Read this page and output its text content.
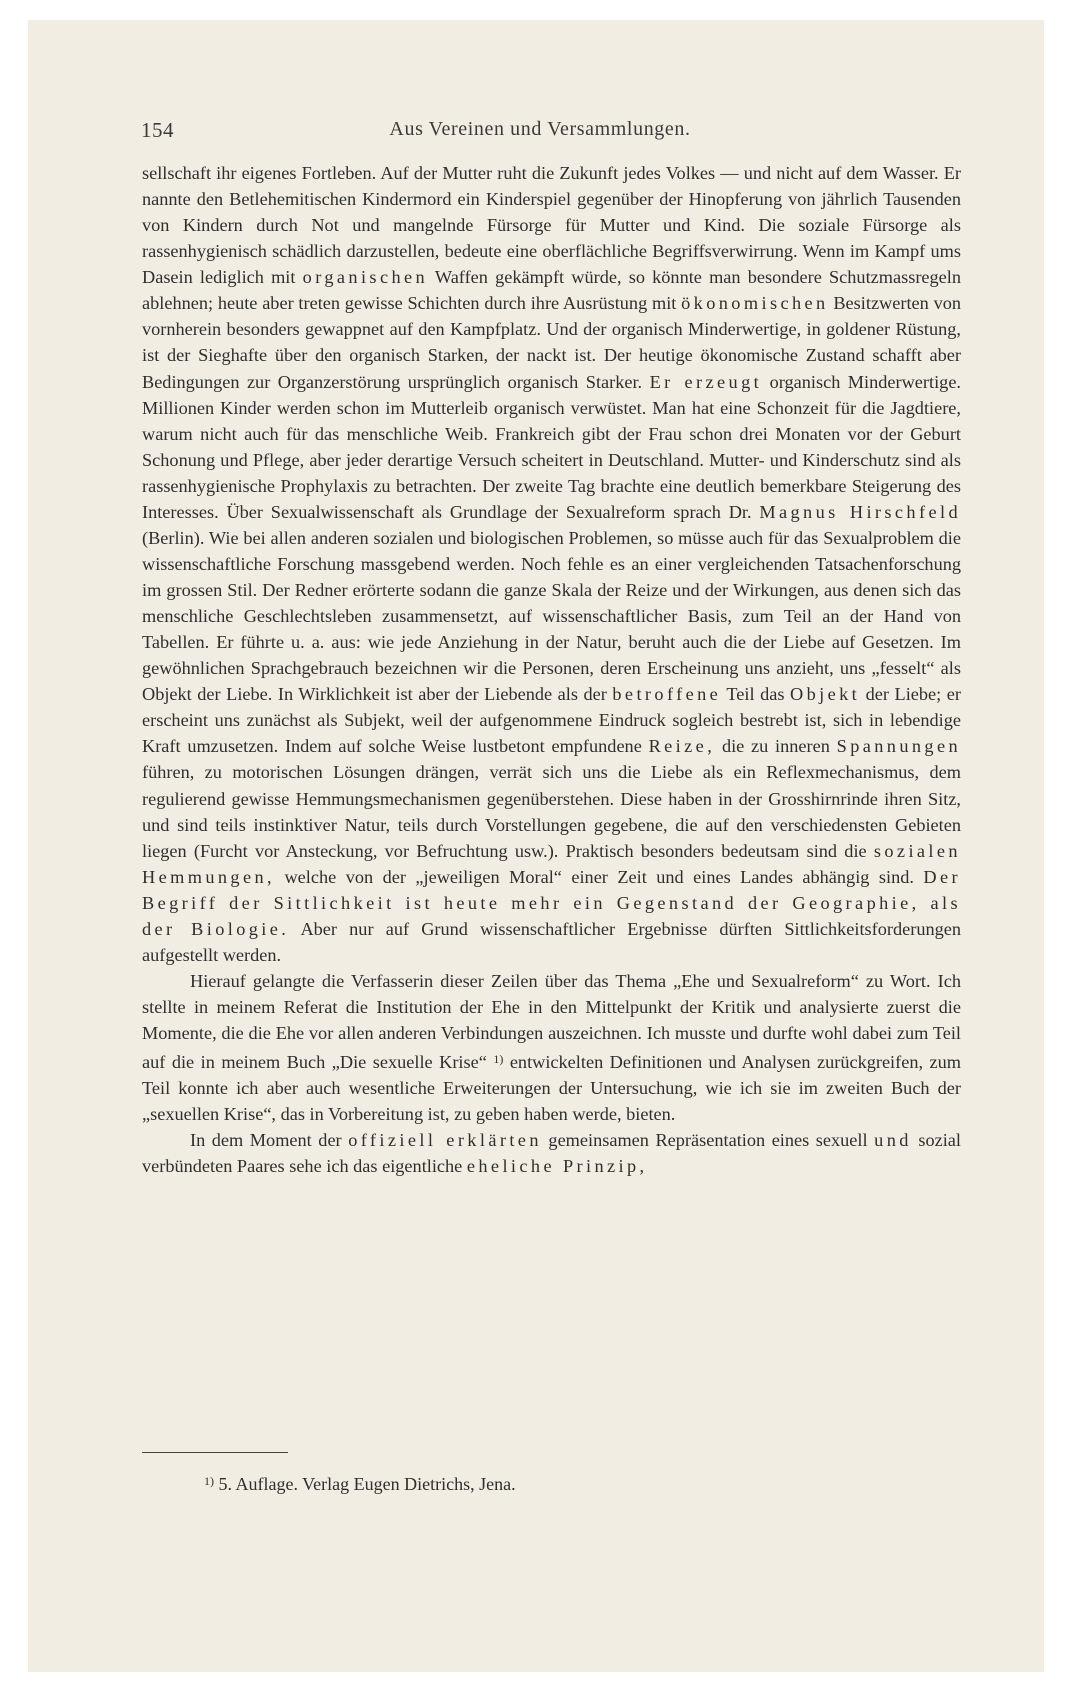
154	Aus Vereinen und Versammlungen.

sellschaft ihr eigenes Fortleben. Auf der Mutter ruht die Zukunft jedes Volkes — und nicht auf dem Wasser. Er nannte den Betlehemitischen Kindermord ein Kinderspiel gegenüber der Hinopferung von jährlich Tausenden von Kindern durch Not und mangelnde Fürsorge für Mutter und Kind. Die soziale Fürsorge als rassenhygienisch schädlich darzustellen, bedeute eine oberflächliche Begriffsverwirrung. Wenn im Kampf ums Dasein lediglich mit organischen Waffen gekämpft würde, so könnte man besondere Schutzmassregeln ablehnen; heute aber treten gewisse Schichten durch ihre Ausrüstung mit ökonomischen Besitzwerten von vornherein besonders gewappnet auf den Kampfplatz. Und der organisch Minderwertige, in goldener Rüstung, ist der Sieghafte über den organisch Starken, der nackt ist. Der heutige ökonomische Zustand schafft aber Bedingungen zur Organzerstörung ursprünglich organisch Starker. Er erzeugt organisch Minderwertige. Millionen Kinder werden schon im Mutterleib organisch verwüstet. Man hat eine Schonzeit für die Jagdtiere, warum nicht auch für das menschliche Weib. Frankreich gibt der Frau schon drei Monaten vor der Geburt Schonung und Pflege, aber jeder derartige Versuch scheitert in Deutschland. Mutter- und Kinderschutz sind als rassenhygienische Prophylaxis zu betrachten. Der zweite Tag brachte eine deutlich bemerkbare Steigerung des Interesses. Über Sexualwissenschaft als Grundlage der Sexualreform sprach Dr. Magnus Hirschfeld (Berlin). Wie bei allen anderen sozialen und biologischen Problemen, so müsse auch für das Sexualproblem die wissenschaftliche Forschung massgebend werden. Noch fehle es an einer vergleichenden Tatsachenforschung im grossen Stil. Der Redner erörterte sodann die ganze Skala der Reize und der Wirkungen, aus denen sich das menschliche Geschlechtsleben zusammensetzt, auf wissenschaftlicher Basis, zum Teil an der Hand von Tabellen. Er führte u. a. aus: wie jede Anziehung in der Natur, beruht auch die der Liebe auf Gesetzen. Im gewöhnlichen Sprachgebrauch bezeichnen wir die Personen, deren Erscheinung uns anzieht, uns „fesselt“ als Objekt der Liebe. In Wirklichkeit ist aber der Liebende als der betroffene Teil das Objekt der Liebe; er erscheint uns zunächst als Subjekt, weil der aufgenommene Eindruck sogleich bestrebt ist, sich in lebendige Kraft umzusetzen. Indem auf solche Weise lustbetont empfundene Reize, die zu inneren Spannungen führen, zu motorischen Lösungen drängen, verrät sich uns die Liebe als ein Reflexmechanismus, dem regulierend gewisse Hemmungsmechanismen gegenüberstehen. Diese haben in der Grosshirnrinde ihren Sitz, und sind teils instinktiver Natur, teils durch Vorstellungen gegebene, die auf den verschiedensten Gebieten liegen (Furcht vor Ansteckung, vor Befruchtung usw.). Praktisch besonders bedeutsam sind die sozialen Hemmungen, welche von der „jeweiligen Moral“ einer Zeit und eines Landes abhängig sind. Der Begriff der Sittlichkeit ist heute mehr ein Gegenstand der Geographie, als der Biologie. Aber nur auf Grund wissenschaftlicher Ergebnisse dürften Sittlichkeitsforderungen aufgestellt werden.

Hierauf gelangte die Verfasserin dieser Zeilen über das Thema „Ehe und Sexualreform“ zu Wort. Ich stellte in meinem Referat die Institution der Ehe in den Mittelpunkt der Kritik und analysierte zuerst die Momente, die die Ehe vor allen anderen Verbindungen auszeichnen. Ich musste und durfte wohl dabei zum Teil auf die in meinem Buch „Die sexuelle Krise“ $^{1)}$ entwickelten Definitionen und Analysen zurückgreifen, zum Teil konnte ich aber auch wesentliche Erweiterungen der Untersuchung, wie ich sie im zweiten Buch der „sexuellen Krise“, das in Vorbereitung ist, zu geben haben werde, bieten.

In dem Moment der offiziell erklärten gemeinsamen Repräsentation eines sexuell und sozial verbündeten Paares sehe ich das eigentliche eheliche Prinzip,

$^{1)}$ 5. Auflage. Verlag Eugen Dietrichs, Jena.
